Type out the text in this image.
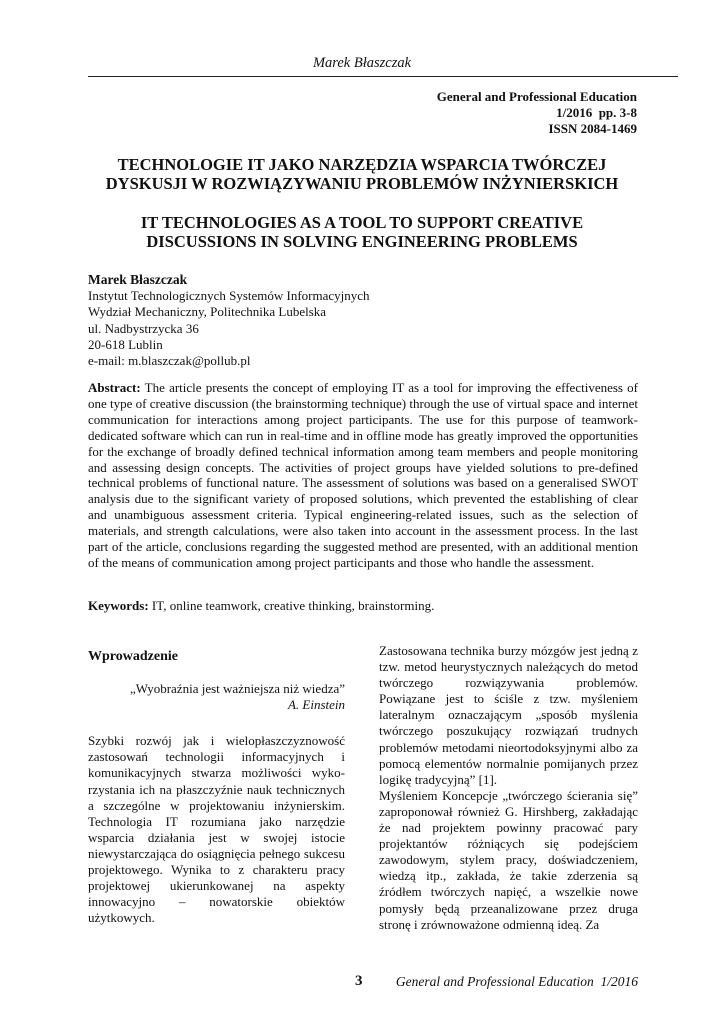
Marek Błaszczak
General and Professional Education
1/2016  pp. 3-8
ISSN 2084-1469
TECHNOLOGIE IT JAKO NARZĘDZIA WSPARCIA TWÓRCZEJ
DYSKUSJI W ROZWIĄZYWANIU PROBLEMÓW INŻYNIERSKICH
IT TECHNOLOGIES AS A TOOL TO SUPPORT CREATIVE
DISCUSSIONS IN SOLVING ENGINEERING PROBLEMS
Marek Błaszczak
Instytut Technologicznych Systemów Informacyjnych
Wydział Mechaniczny, Politechnika Lubelska
ul. Nadbystrzycka 36
20-618 Lublin
e-mail: m.blaszczak@pollub.pl
Abstract: The article presents the concept of employing IT as a tool for improving the effectiveness of one type of creative discussion (the brainstorming technique) through the use of virtual space and internet communication for interactions among project participants. The use for this purpose of teamwork-dedicated software which can run in real-time and in offline mode has greatly improved the opportunities for the exchange of broadly defined technical information among team members and people monitoring and assessing design concepts. The activities of project groups have yielded solutions to pre-defined technical problems of functional nature. The assessment of solutions was based on a generalised SWOT analysis due to the significant variety of proposed solutions, which prevented the establishing of clear and unambiguous assessment criteria. Typical engineering-related issues, such as the selection of materials, and strength calculations, were also taken into account in the assessment process. In the last part of the article, conclusions regarding the suggested method are presented, with an additional mention of the means of communication among project participants and those who handle the assessment.
Keywords: IT, online teamwork, creative thinking, brainstorming.
Wprowadzenie
„Wyobraźnia jest ważniejsza niż wiedza”
A. Einstein
Szybki rozwój jak i wielopłaszczyznowość zastosowań technologii informacyjnych i komunikacyjnych stwarza możliwości wyko-rzystania ich na płaszczyźnie nauk technicznych a szczególne w projektowaniu inżynierskim. Technologia IT rozumiana jako narzędzie wsparcia działania jest w swojej istocie niewystarczająca do osiągnięcia pełnego sukcesu projektowego. Wynika to z charakteru pracy projektowej ukierunkowanej na aspekty innowacyjno – nowatorskie obiektów użytkowych.

Zastosowana technika burzy mózgów jest jedną z tzw. metod heurystycznych należących do metod twórczego rozwiązywania problemów. Powiązane jest to ściśle z tzw. myśleniem lateralnym oznaczającym „sposób myślenia twórczego poszukujący rozwiązań trudnych problemów metodami nieortodoksyjnymi albo za pomocą elementów normalnie pomijanych przez logikę tradycyjną” [1].

Myśleniem Koncepcje „twórczego ścierania się” zaproponował również G. Hirshberg, zakładając że nad projektem powinny pracować pary projektantów różniących się podejściem zawodowym, stylem pracy, doświadczeniem, wiedzą itp., zakłada, że takie zderzenia są źródłem twórczych napięć, a wszelkie nowe pomysły będą przeanalizowane przez druga stronę i zrównoważone odmienną ideą. Za

3 General and Professional Education  1/2016
